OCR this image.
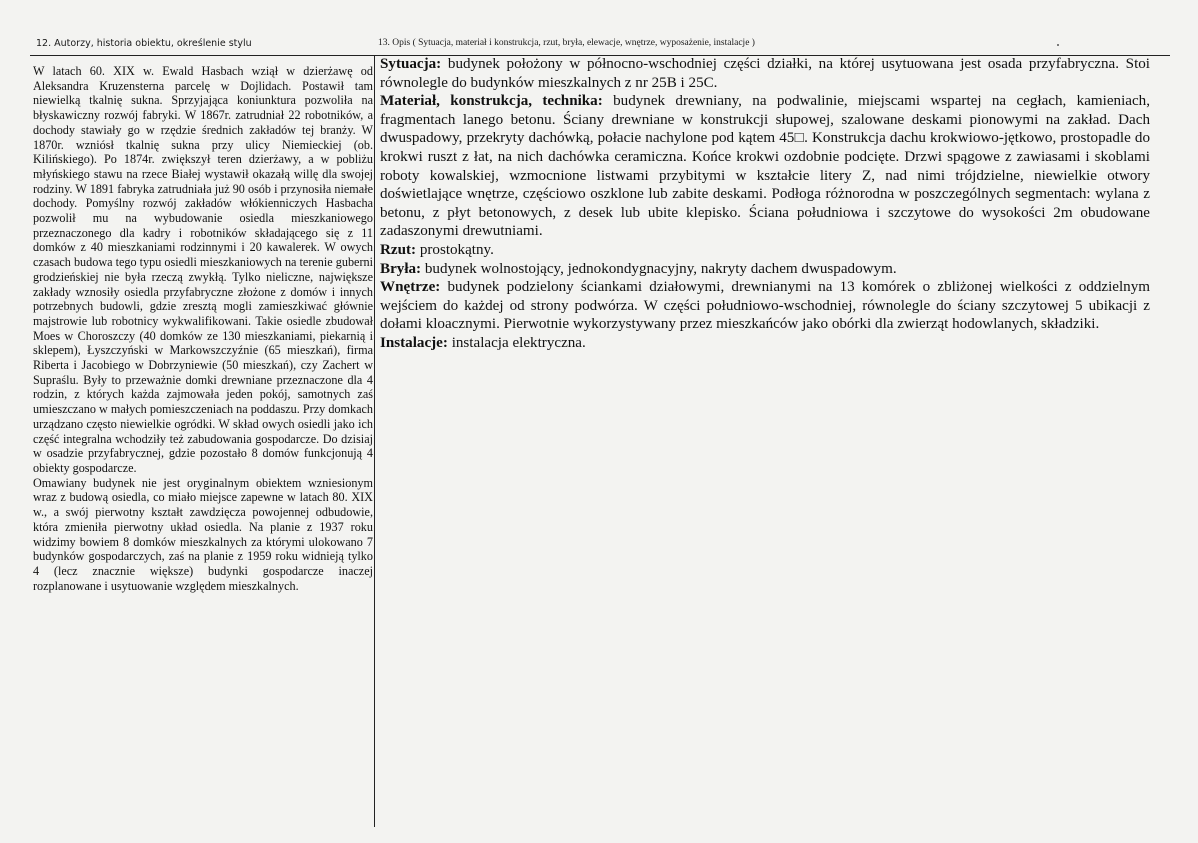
12. Autorzy, historia obiektu, określenie stylu	13. Opis ( Sytuacja, materiał i konstrukcja, rzut, bryła, elewacje, wnętrze, wyposażenie, instalacje )

W latach 60. XIX w. Ewald Hasbach wziął w dzierżawę od Aleksandra Kruzensterna parcelę w Dojlidach. Postawił tam niewielką tkalnię sukna. Sprzyjająca koniunktura pozwoliła na błyskawiczny rozwój fabryki. W 1867r. zatrudniał 22 robotników, a dochody stawiały go w rzędzie średnich zakładów tej branży. W 1870r. wzniósł tkalnię sukna przy ulicy Niemieckiej (ob. Kilińskiego). Po 1874r. zwiększył teren dzierżawy, a w pobliżu młyńskiego stawu na rzece Białej wystawił okazałą willę dla swojej rodziny. W 1891 fabryka zatrudniała już 90 osób i przynosiła niemałe dochody. Pomyślny rozwój zakładów włókienniczych Hasbacha pozwolił mu na wybudowanie osiedla mieszkaniowego przeznaczonego dla kadry i robotników składającego się z 11 domków z 40 mieszkaniami rodzinnymi i 20 kawalerek. W owych czasach budowa tego typu osiedli mieszkaniowych na terenie guberni grodzieńskiej nie była rzeczą zwykłą. Tylko nieliczne, największe zakłady wznosiły osiedla przyfabryczne złożone z domów i innych potrzebnych budowli, gdzie zresztą mogli zamieszkiwać głównie majstrowie lub robotnicy wykwalifikowani. Takie osiedle zbudował Moes w Choroszczy (40 domków ze 130 mieszkaniami, piekarnią i sklepem), Łyszczyński w Markowszczyźnie (65 mieszkań), firma Riberta i Jacobiego w Dobrzyniewie (50 mieszkań), czy Zachert w Supraślu. Były to przeważnie domki drewniane przeznaczone dla 4 rodzin, z których każda zajmowała jeden pokój, samotnych zaś umieszczano w małych pomieszczeniach na poddaszu. Przy domkach urządzano często niewielkie ogródki. W skład owych osiedli jako ich część integralna wchodziły też zabudowania gospodarcze. Do dzisiaj w osadzie przyfabrycznej, gdzie pozostało 8 domów funkcjonują 4 obiekty gospodarcze.

Omawiany budynek nie jest oryginalnym obiektem wzniesionym wraz z budową osiedla, co miało miejsce zapewne w latach 80. XIX w., a swój pierwotny kształt zawdzięcza powojennej odbudowie, która zmieniła pierwotny układ osiedla. Na planie z 1937 roku widzimy bowiem 8 domków mieszkalnych za którymi ulokowano 7 budynków gospodarczych, zaś na planie z 1959 roku widnieją tylko 4 (lecz znacznie większe) budynki gospodarcze inaczej rozplanowane i usytuowanie względem mieszkalnych.

Sytuacja: budynek położony w północno-wschodniej części działki, na której usytuowana jest osada przyfabryczna. Stoi równolegle do budynków mieszkalnych z nr 25B i 25C.

Materiał, konstrukcja, technika: budynek drewniany, na podwalinie, miejscami wspartej na cegłach, kamieniach, fragmentach lanego betonu. Ściany drewniane w konstrukcji słupowej, szalowane deskami pionowymi na zakład. Dach dwuspadowy, przekryty dachówką, połacie nachylone pod kątem 45□. Konstrukcja dachu krokwiowo-jętkowo, prostopadle do krokwi ruszt z łat, na nich dachówka ceramiczna. Końce krokwi ozdobnie podcięte. Drzwi spągowe z zawiasami i skoblami roboty kowalskiej, wzmocnione listwami przybitymi w kształcie litery Z, nad nimi trójdzielne, niewielkie otwory doświetlające wnętrze, częściowo oszklone lub zabite deskami. Podłoga różnorodna w poszczególnych segmentach: wylana z betonu, z płyt betonowych, z desek lub ubite klepisko. Ściana południowa i szczytowe do wysokości 2m obudowane zadaszonymi drewutniami.

Rzut: prostokątny.

Bryła: budynek wolnostojący, jednokondygnacyjny, nakryty dachem dwuspadowym.

Wnętrze: budynek podzielony ściankami działowymi, drewnianymi na 13 komórek o zbliżonej wielkości z oddzielnym wejściem do każdej od strony podwórza. W części południowo-wschodniej, równolegle do ściany szczytowej 5 ubikacji z dołami kloacznymi. Pierwotnie wykorzystywany przez mieszkańców jako obórki dla zwierząt hodowlanych, składziki.

Instalacje: instalacja elektryczna.
